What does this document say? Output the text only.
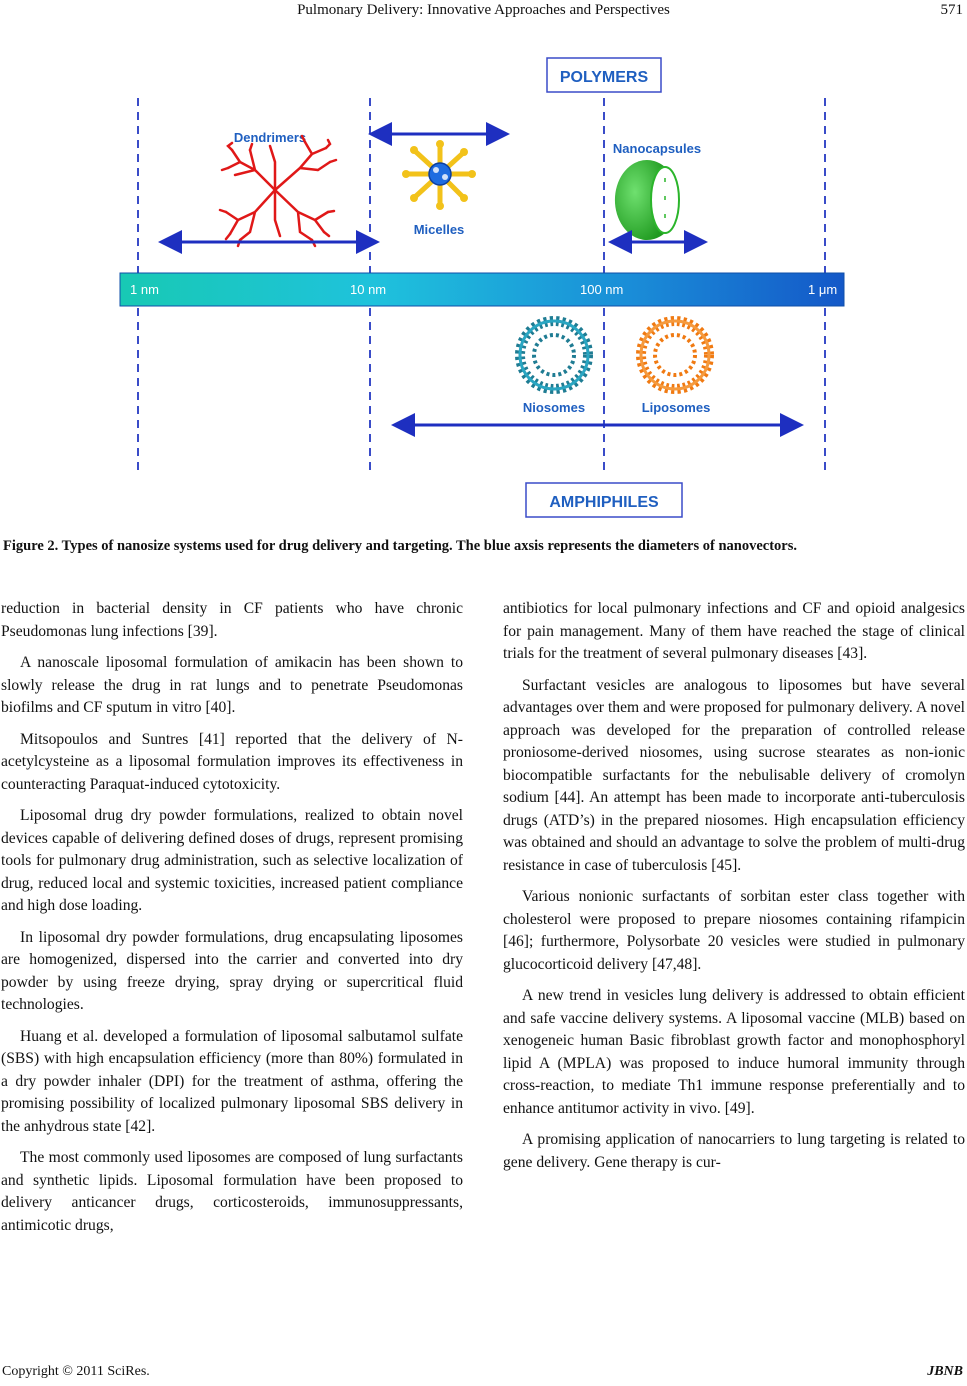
Pulmonary Delivery: Innovative Approaches and Perspectives	571
POLYMERS
Dendrimers
Micelles
Nanocapsules
1 nm	10 nm	100 nm	1 μm
Niosomes	Liposomes
AMPHIPHILES
Figure 2. Types of nanosize systems used for drug delivery and targeting. The blue axsis represents the diameters of nanovectors.

reduction in bacterial density in CF patients who have chronic Pseudomonas lung infections [39].

A nanoscale liposomal formulation of amikacin has been shown to slowly release the drug in rat lungs and to penetrate Pseudomonas biofilms and CF sputum in vitro [40].

Mitsopoulos and Suntres [41] reported that the delivery of N-acetylcysteine as a liposomal formulation improves its effectiveness in counteracting Paraquat-induced cytotoxicity.

Liposomal drug dry powder formulations, realized to obtain novel devices capable of delivering defined doses of drugs, represent promising tools for pulmonary drug administration, such as selective localization of drug, reduced local and systemic toxicities, increased patient compliance and high dose loading.

In liposomal dry powder formulations, drug encapsulating liposomes are homogenized, dispersed into the carrier and converted into dry powder by using freeze drying, spray drying or supercritical fluid technologies.

Huang et al. developed a formulation of liposomal salbutamol sulfate (SBS) with high encapsulation efficiency (more than 80%) formulated in a dry powder inhaler (DPI) for the treatment of asthma, offering the promising possibility of localized pulmonary liposomal SBS delivery in the anhydrous state [42].

The most commonly used liposomes are composed of lung surfactants and synthetic lipids. Liposomal formulation have been proposed to delivery anticancer drugs, corticosteroids, immunosuppressants, antimicotic drugs,

antibiotics for local pulmonary infections and CF and opioid analgesics for pain management. Many of them have reached the stage of clinical trials for the treatment of several pulmonary diseases [43].

Surfactant vesicles are analogous to liposomes but have several advantages over them and were proposed for pulmonary delivery. A novel approach was developed for the preparation of controlled release proniosome-derived niosomes, using sucrose stearates as non-ionic biocompatible surfactants for the nebulisable delivery of cromolyn sodium [44]. An attempt has been made to incorporate anti-tuberculosis drugs (ATD’s) in the prepared niosomes. High encapsulation efficiency was obtained and should an advantage to solve the problem of multi-drug resistance in case of tuberculosis [45].

Various nonionic surfactants of sorbitan ester class together with cholesterol were proposed to prepare niosomes containing rifampicin [46]; furthermore, Polysorbate 20 vesicles were studied in pulmonary glucocorticoid delivery [47,48].

A new trend in vesicles lung delivery is addressed to obtain efficient and safe vaccine delivery systems. A liposomal vaccine (MLB) based on xenogeneic human Basic fibroblast growth factor and monophosphoryl lipid A (MPLA) was proposed to induce humoral immunity through cross-reaction, to mediate Th1 immune response preferentially and to enhance antitumor activity in vivo. [49].

A promising application of nanocarriers to lung targeting is related to gene delivery. Gene therapy is cur-

Copyright © 2011 SciRes.	JBNB
